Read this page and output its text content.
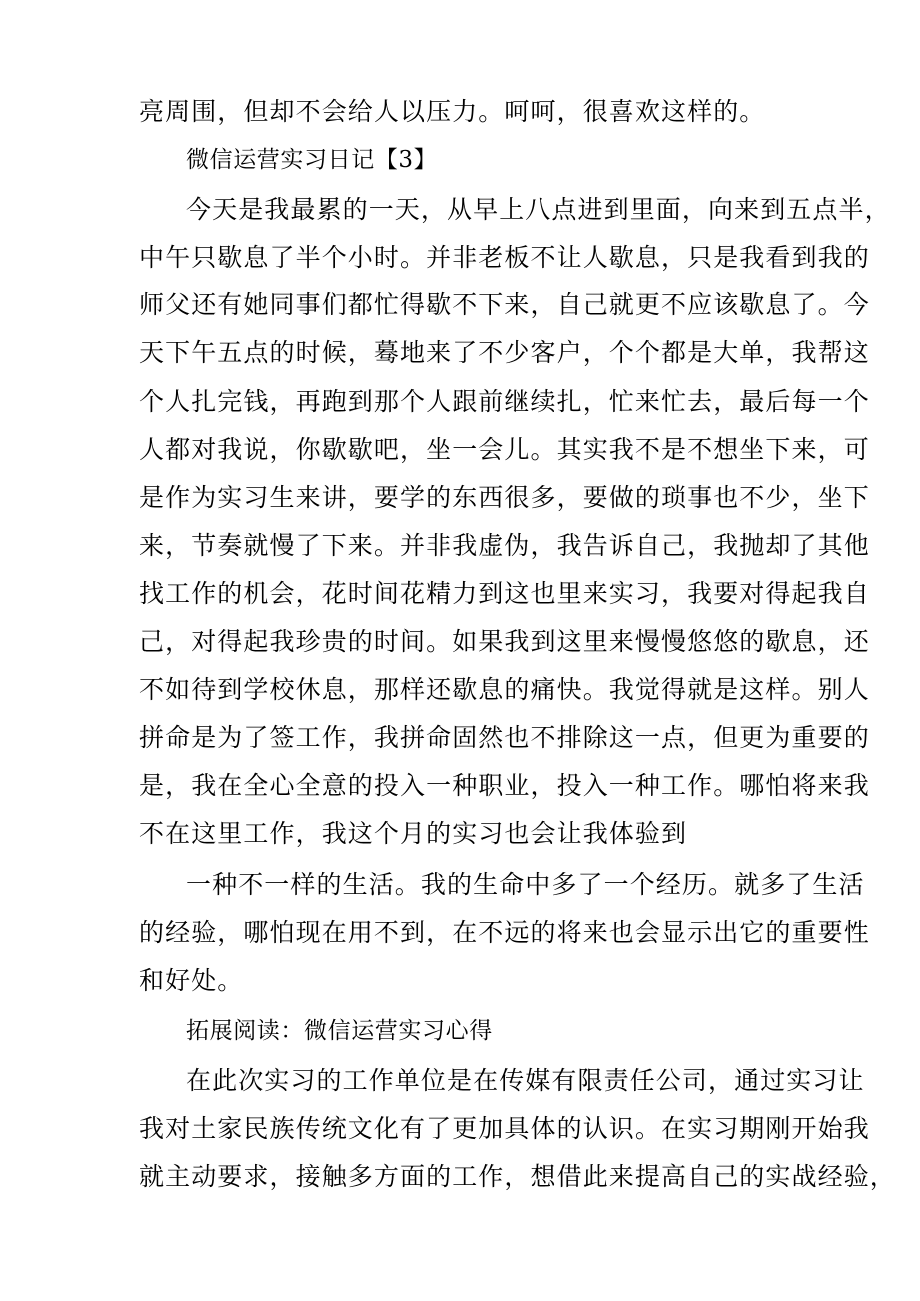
亮周围，但却不会给人以压力。呵呵，很喜欢这样的。
微信运营实习日记【3】
今天是我最累的一天，从早上八点进到里面，向来到五点半，
中午只歇息了半个小时。并非老板不让人歇息，只是我看到我的
师父还有她同事们都忙得歇不下来，自己就更不应该歇息了。今
天下午五点的时候，蓦地来了不少客户，个个都是大单，我帮这
个人扎完钱，再跑到那个人跟前继续扎，忙来忙去，最后每一个
人都对我说，你歇歇吧，坐一会儿。其实我不是不想坐下来，可
是作为实习生来讲，要学的东西很多，要做的琐事也不少，坐下
来，节奏就慢了下来。并非我虚伪，我告诉自己，我抛却了其他
找工作的机会，花时间花精力到这也里来实习，我要对得起我自
己，对得起我珍贵的时间。如果我到这里来慢慢悠悠的歇息，还
不如待到学校休息，那样还歇息的痛快。我觉得就是这样。别人
拼命是为了签工作，我拼命固然也不排除这一点，但更为重要的
是，我在全心全意的投入一种职业，投入一种工作。哪怕将来我
不在这里工作，我这个月的实习也会让我体验到
一种不一样的生活。我的生命中多了一个经历。就多了生活
的经验，哪怕现在用不到，在不远的将来也会显示出它的重要性
和好处。
拓展阅读：微信运营实习心得
在此次实习的工作单位是在传媒有限责任公司，通过实习让
我对土家民族传统文化有了更加具体的认识。在实习期刚开始我
就主动要求，接触多方面的工作，想借此来提高自己的实战经验，
